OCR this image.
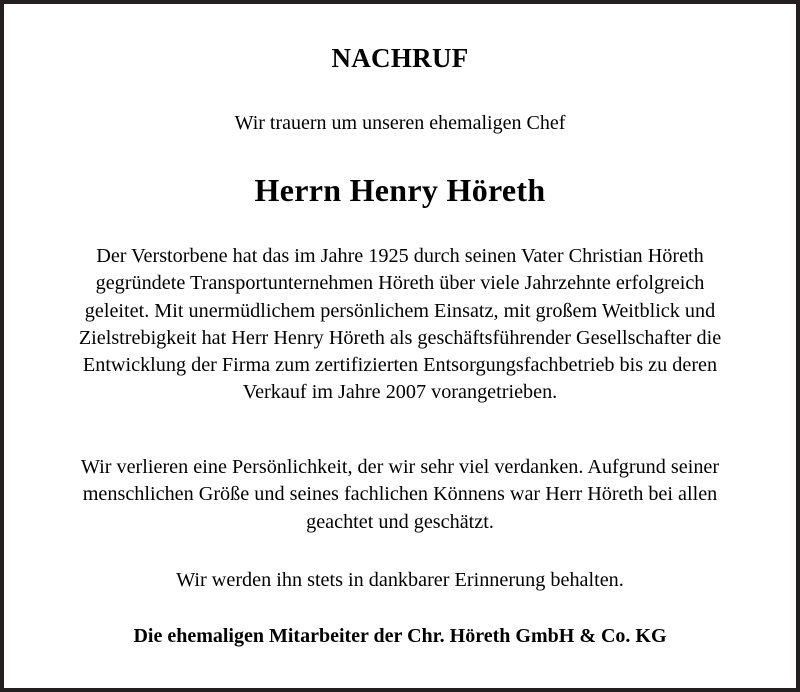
NACHRUF
Wir trauern um unseren ehemaligen Chef
Herrn Henry Höreth
Der Verstorbene hat das im Jahre 1925 durch seinen Vater Christian Höreth
gegründete Transportunternehmen Höreth über viele Jahrzehnte erfolgreich
geleitet. Mit unermüdlichem persönlichem Einsatz, mit großem Weitblick und
Zielstrebigkeit hat Herr Henry Höreth als geschäftsführender Gesellschafter die
Entwicklung der Firma zum zertifizierten Entsorgungsfachbetrieb bis zu deren
Verkauf im Jahre 2007 vorangetrieben.
Wir verlieren eine Persönlichkeit, der wir sehr viel verdanken. Aufgrund seiner
menschlichen Größe und seines fachlichen Könnens war Herr Höreth bei allen
geachtet und geschätzt.
Wir werden ihn stets in dankbarer Erinnerung behalten.
Die ehemaligen Mitarbeiter der Chr. Höreth GmbH & Co. KG
